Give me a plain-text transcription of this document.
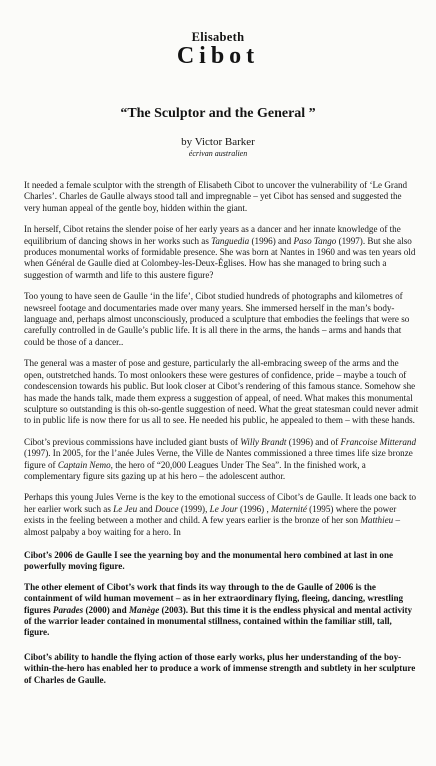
Elisabeth
Cibot
“The Sculptor and the General ”
by Victor Barker
écrivan australien

It needed a female sculptor with the strength of Elisabeth Cibot to uncover the vulnerability of ‘Le Grand Charles’. Charles de Gaulle always stood tall and impregnable – yet Cibot has sensed and suggested the very human appeal of the gentle boy, hidden within the giant.

In herself, Cibot retains the slender poise of her early years as a dancer and her innate knowledge of the equilibrium of dancing shows in her works such as Tanguedia (1996) and Paso Tango (1997). But she also produces monumental works of formidable presence. She was born at Nantes in 1960 and was ten years old when Général de Gaulle died at Colombey-les-Deux-Églises. How has she managed to bring such a suggestion of warmth and life to this austere figure?

Too young to have seen de Gaulle ‘in the life’, Cibot studied hundreds of photographs and kilometres of newsreel footage and documentaries made over many years. She immersed herself in the man’s body-language and, perhaps almost unconsciously, produced a sculpture that embodies the feelings that were so carefully controlled in de Gaulle’s public life. It is all there in the arms, the hands – arms and hands that could be those of a dancer..

The general was a master of pose and gesture, particularly the all-embracing sweep of the arms and the open, outstretched hands. To most onlookers these were gestures of confidence, pride – maybe a touch of condescension towards his public. But look closer at Cibot’s rendering of this famous stance. Somehow she has made the hands talk, made them express a suggestion of appeal, of need. What makes this monumental sculpture so outstanding is this oh-so-gentle suggestion of need. What the great statesman could never admit to in public life is now there for us all to see. He needed his public, he appealed to them – with these hands.

Cibot’s previous commissions have included giant busts of Willy Brandt (1996) and of Francoise Mitterand (1997). In 2005, for the l’anée Jules Verne, the Ville de Nantes commissioned a three times life size bronze figure of Captain Nemo, the hero of “20,000 Leagues Under The Sea”. In the finished work, a complementary figure sits gazing up at his hero – the adolescent author.

Perhaps this young Jules Verne is the key to the emotional success of Cibot’s de Gaulle. It leads one back to her earlier work such as Le Jeu and Douce (1999), Le Jour (1996) , Maternité (1995) where the power exists in the feeling between a mother and child. A few years earlier is the bronze of her son Matthieu –almost palpaby a boy waiting for a hero. In

Cibot’s 2006 de Gaulle I see the yearning boy and the monumental hero combined at last in one powerfully moving figure.

The other element of Cibot’s work that finds its way through to the de Gaulle of 2006 is the containment of wild human movement – as in her extraordinary flying, fleeing, dancing, wrestling figures Parades (2000) and Manège (2003). But this time it is the endless physical and mental activity of the warrior leader contained in monumental stillness, contained within the familiar still, tall, figure.

Cibot’s ability to handle the flying action of those early works, plus her understanding of the boy-within-the-hero has enabled her to produce a work of immense strength and subtlety in her sculpture of Charles de Gaulle.
